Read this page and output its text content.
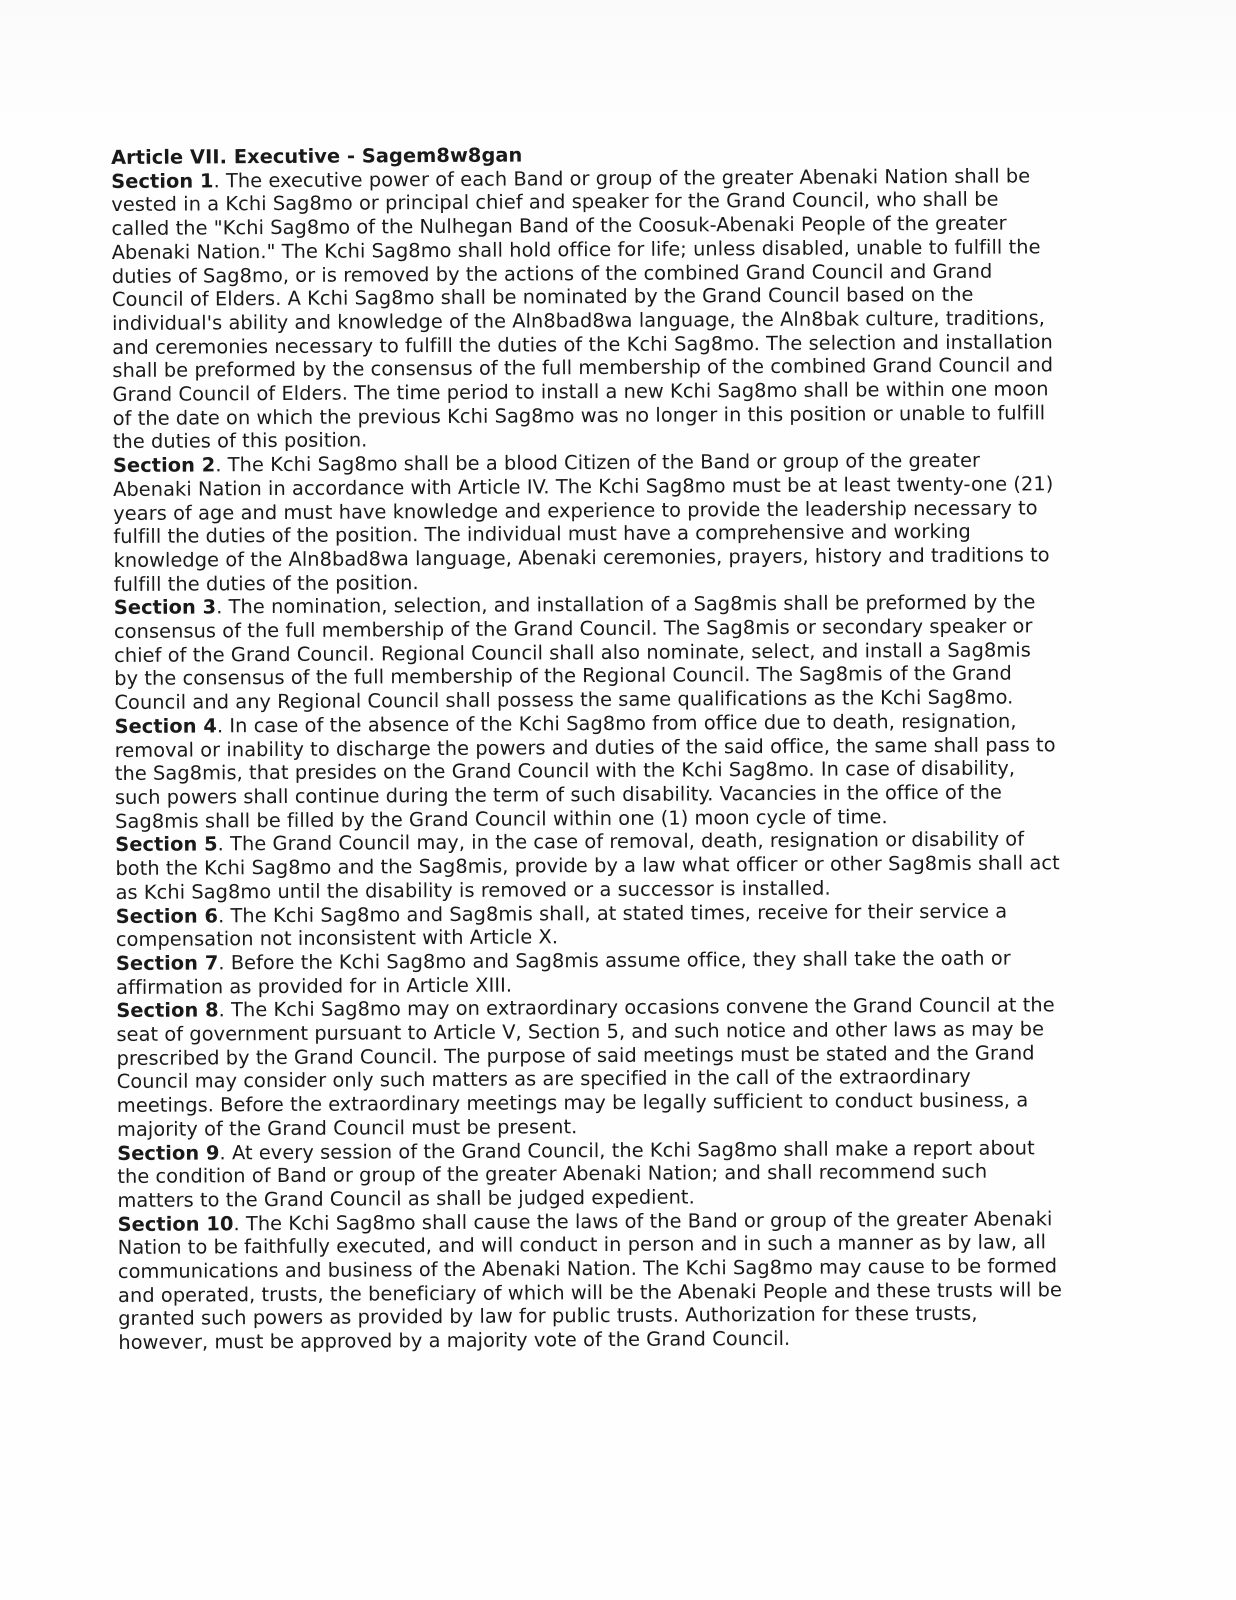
Article VII. Executive - Sagem8w8gan

Section 1. The executive power of each Band or group of the greater Abenaki Nation shall be vested in a Kchi Sag8mo or principal chief and speaker for the Grand Council, who shall be called the "Kchi Sag8mo of the Nulhegan Band of the Coosuk-Abenaki People of the greater Abenaki Nation." The Kchi Sag8mo shall hold office for life; unless disabled, unable to fulfill the duties of Sag8mo, or is removed by the actions of the combined Grand Council and Grand Council of Elders. A Kchi Sag8mo shall be nominated by the Grand Council based on the individual's ability and knowledge of the Aln8bad8wa language, the Aln8bak culture, traditions, and ceremonies necessary to fulfill the duties of the Kchi Sag8mo. The selection and installation shall be preformed by the consensus of the full membership of the combined Grand Council and Grand Council of Elders. The time period to install a new Kchi Sag8mo shall be within one moon of the date on which the previous Kchi Sag8mo was no longer in this position or unable to fulfill the duties of this position.

Section 2. The Kchi Sag8mo shall be a blood Citizen of the Band or group of the greater Abenaki Nation in accordance with Article IV. The Kchi Sag8mo must be at least twenty-one (21) years of age and must have knowledge and experience to provide the leadership necessary to fulfill the duties of the position. The individual must have a comprehensive and working knowledge of the Aln8bad8wa language, Abenaki ceremonies, prayers, history and traditions to fulfill the duties of the position.

Section 3. The nomination, selection, and installation of a Sag8mis shall be preformed by the consensus of the full membership of the Grand Council. The Sag8mis or secondary speaker or chief of the Grand Council. Regional Council shall also nominate, select, and install a Sag8mis by the consensus of the full membership of the Regional Council. The Sag8mis of the Grand Council and any Regional Council shall possess the same qualifications as the Kchi Sag8mo.

Section 4. In case of the absence of the Kchi Sag8mo from office due to death, resignation, removal or inability to discharge the powers and duties of the said office, the same shall pass to the Sag8mis, that presides on the Grand Council with the Kchi Sag8mo. In case of disability, such powers shall continue during the term of such disability. Vacancies in the office of the Sag8mis shall be filled by the Grand Council within one (1) moon cycle of time.

Section 5. The Grand Council may, in the case of removal, death, resignation or disability of both the Kchi Sag8mo and the Sag8mis, provide by a law what officer or other Sag8mis shall act as Kchi Sag8mo until the disability is removed or a successor is installed.

Section 6. The Kchi Sag8mo and Sag8mis shall, at stated times, receive for their service a compensation not inconsistent with Article X.

Section 7. Before the Kchi Sag8mo and Sag8mis assume office, they shall take the oath or affirmation as provided for in Article XIII.

Section 8. The Kchi Sag8mo may on extraordinary occasions convene the Grand Council at the seat of government pursuant to Article V, Section 5, and such notice and other laws as may be prescribed by the Grand Council. The purpose of said meetings must be stated and the Grand Council may consider only such matters as are specified in the call of the extraordinary meetings. Before the extraordinary meetings may be legally sufficient to conduct business, a majority of the Grand Council must be present.

Section 9. At every session of the Grand Council, the Kchi Sag8mo shall make a report about the condition of Band or group of the greater Abenaki Nation; and shall recommend such matters to the Grand Council as shall be judged expedient.

Section 10. The Kchi Sag8mo shall cause the laws of the Band or group of the greater Abenaki Nation to be faithfully executed, and will conduct in person and in such a manner as by law, all communications and business of the Abenaki Nation. The Kchi Sag8mo may cause to be formed and operated, trusts, the beneficiary of which will be the Abenaki People and these trusts will be granted such powers as provided by law for public trusts. Authorization for these trusts, however, must be approved by a majority vote of the Grand Council.
